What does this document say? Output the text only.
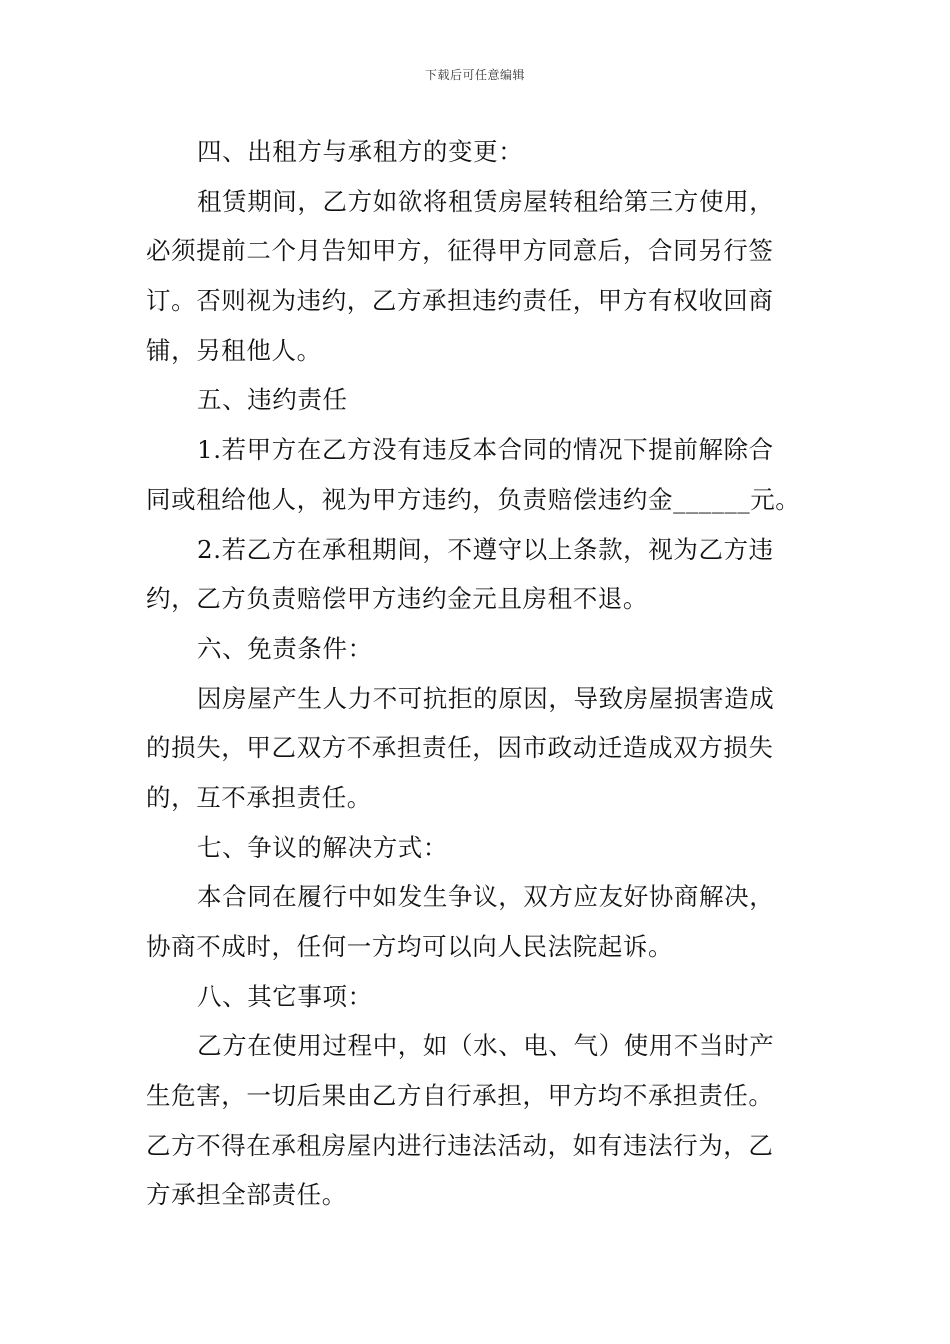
下载后可任意编辑
四、出租方与承租方的变更：
租赁期间，乙方如欲将租赁房屋转租给第三方使用，
必须提前二个月告知甲方，征得甲方同意后，合同另行签
订。否则视为违约，乙方承担违约责任，甲方有权收回商
铺，另租他人。
五、违约责任
1.若甲方在乙方没有违反本合同的情况下提前解除合
同或租给他人，视为甲方违约，负责赔偿违约金______元。
2.若乙方在承租期间，不遵守以上条款，视为乙方违
约，乙方负责赔偿甲方违约金元且房租不退。
六、免责条件：
因房屋产生人力不可抗拒的原因，导致房屋损害造成
的损失，甲乙双方不承担责任，因市政动迁造成双方损失
的，互不承担责任。
七、争议的解决方式：
本合同在履行中如发生争议，双方应友好协商解决，
协商不成时，任何一方均可以向人民法院起诉。
八、其它事项：
乙方在使用过程中，如（水、电、气）使用不当时产
生危害，一切后果由乙方自行承担，甲方均不承担责任。
乙方不得在承租房屋内进行违法活动，如有违法行为，乙
方承担全部责任。
